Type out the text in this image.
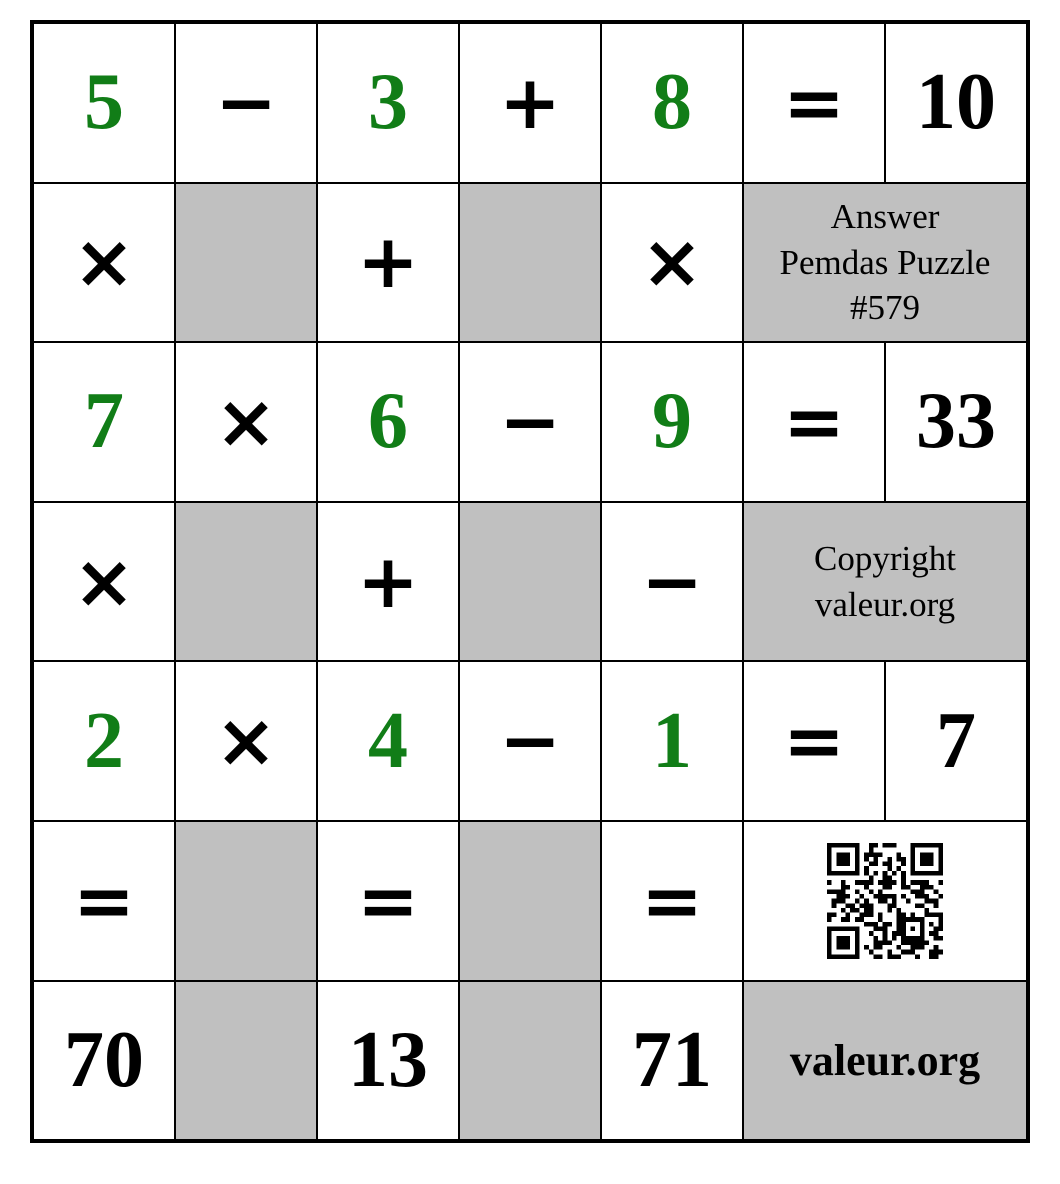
5	−	3	+	8	= 10
×	+	×
Answer
Pemdas Puzzle
#579
7	×	6	−	9	= 33
×	+	−	Copyright
valeur.org
2	×	4	−	1	=	7
=	=	=
70	13	71	valeur.org
